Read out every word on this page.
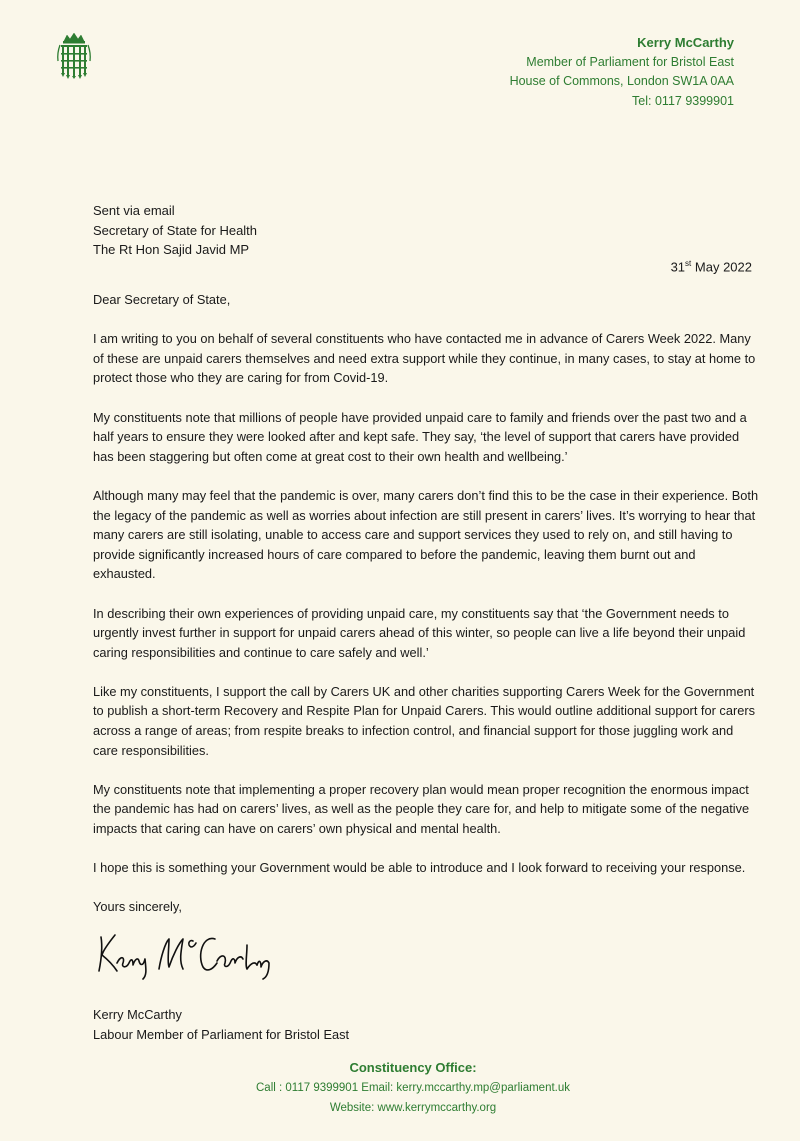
Kerry McCarthy
Member of Parliament for Bristol East
House of Commons, London SW1A 0AA
Tel: 0117 9399901
Sent via email
Secretary of State for Health
The Rt Hon Sajid Javid MP
31st May 2022

Dear Secretary of State,

I am writing to you on behalf of several constituents who have contacted me in advance of Carers Week 2022. Many of these are unpaid carers themselves and need extra support while they continue, in many cases, to stay at home to protect those who they are caring for from Covid-19.

My constituents note that millions of people have provided unpaid care to family and friends over the past two and a half years to ensure they were looked after and kept safe. They say, ‘the level of support that carers have provided has been staggering but often come at great cost to their own health and wellbeing.’

Although many may feel that the pandemic is over, many carers don’t find this to be the case in their experience. Both the legacy of the pandemic as well as worries about infection are still present in carers’ lives. It’s worrying to hear that many carers are still isolating, unable to access care and support services they used to rely on, and still having to provide significantly increased hours of care compared to before the pandemic, leaving them burnt out and exhausted.

In describing their own experiences of providing unpaid care, my constituents say that ‘the Government needs to urgently invest further in support for unpaid carers ahead of this winter, so people can live a life beyond their unpaid caring responsibilities and continue to care safely and well.’

Like my constituents, I support the call by Carers UK and other charities supporting Carers Week for the Government to publish a short-term Recovery and Respite Plan for Unpaid Carers. This would outline additional support for carers across a range of areas; from respite breaks to infection control, and financial support for those juggling work and care responsibilities.

My constituents note that implementing a proper recovery plan would mean proper recognition the enormous impact the pandemic has had on carers’ lives, as well as the people they care for, and help to mitigate some of the negative impacts that caring can have on carers’ own physical and mental health.

I hope this is something your Government would be able to introduce and I look forward to receiving your response.

Yours sincerely,

Kerry McCarthy
Labour Member of Parliament for Bristol East
Constituency Office:
Call : 0117 9399901 Email: kerry.mccarthy.mp@parliament.uk
Website: www.kerrymccarthy.org
